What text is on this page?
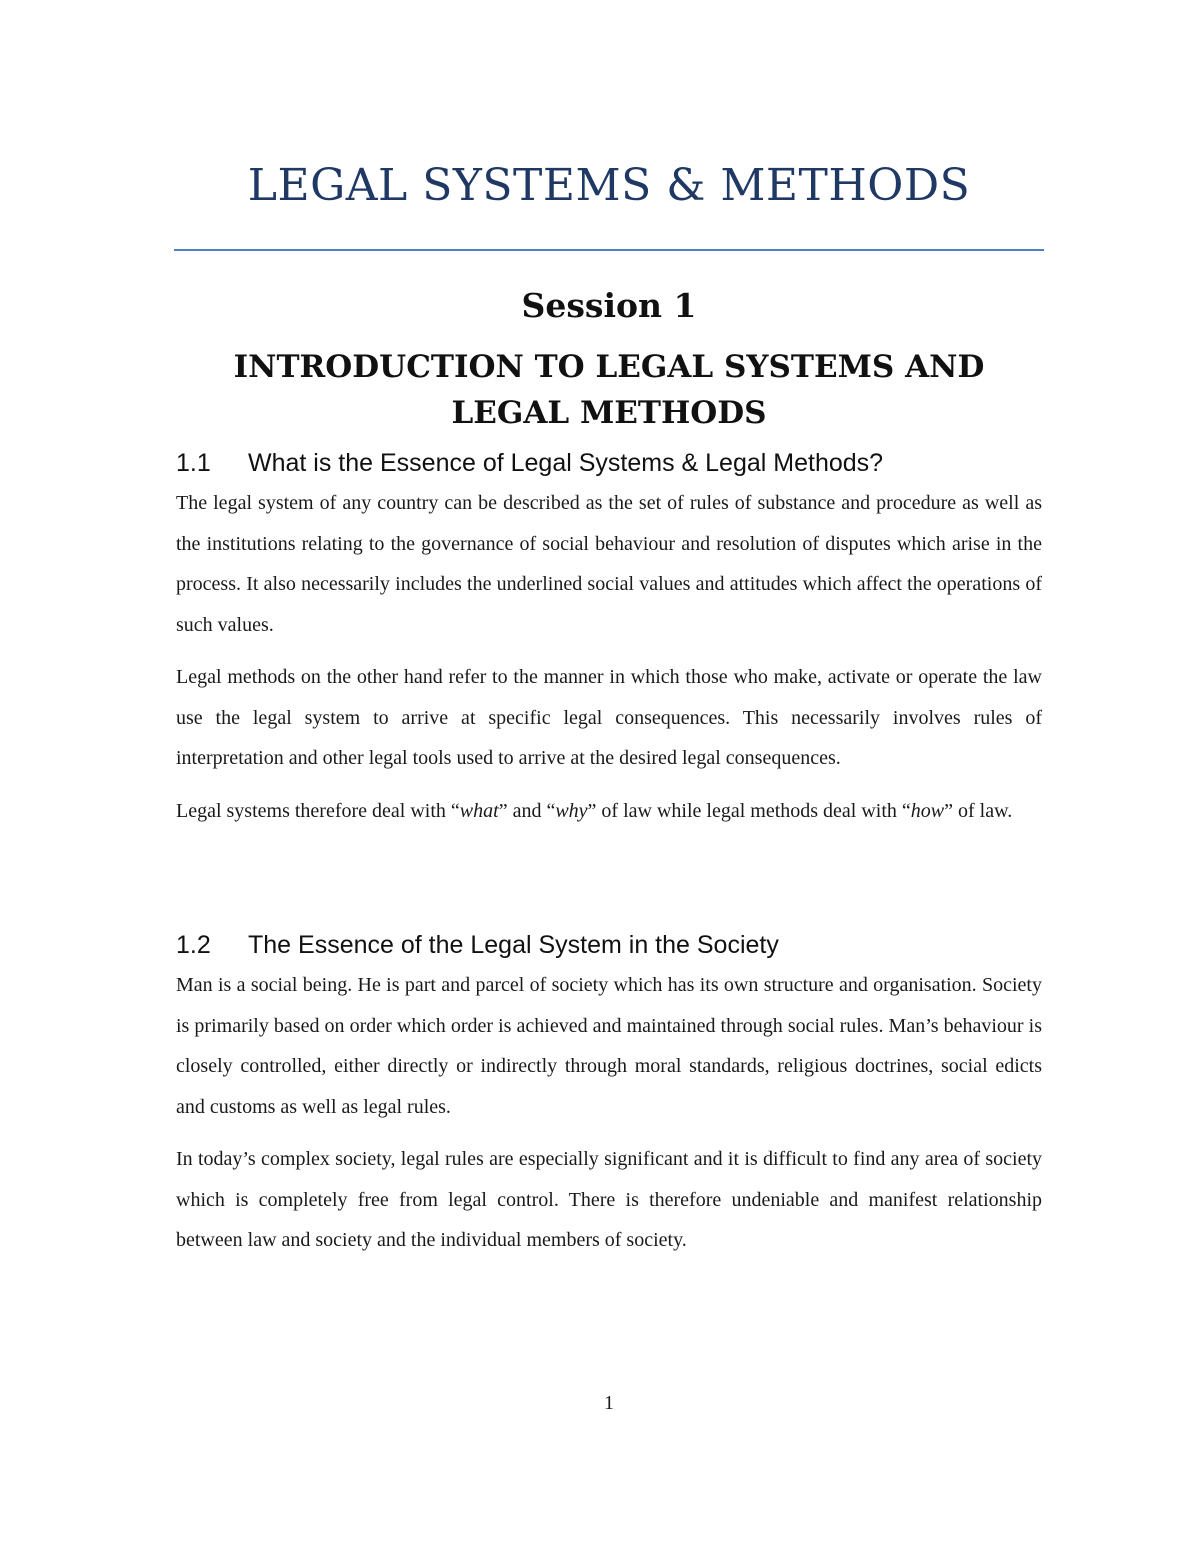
LEGAL SYSTEMS & METHODS
Session 1
INTRODUCTION TO LEGAL SYSTEMS AND LEGAL METHODS
1.1 What is the Essence of Legal Systems & Legal Methods?

The legal system of any country can be described as the set of rules of substance and procedure as well as the institutions relating to the governance of social behaviour and resolution of disputes which arise in the process. It also necessarily includes the underlined social values and attitudes which affect the operations of such values.

Legal methods on the other hand refer to the manner in which those who make, activate or operate the law use the legal system to arrive at specific legal consequences. This necessarily involves rules of interpretation and other legal tools used to arrive at the desired legal consequences.

Legal systems therefore deal with “what” and “why” of law while legal methods deal with “how” of law.

1.2 The Essence of the Legal System in the Society

Man is a social being. He is part and parcel of society which has its own structure and organisation. Society is primarily based on order which order is achieved and maintained through social rules. Man’s behaviour is closely controlled, either directly or indirectly through moral standards, religious doctrines, social edicts and customs as well as legal rules.

In today’s complex society, legal rules are especially significant and it is difficult to find any area of society which is completely free from legal control. There is therefore undeniable and manifest relationship between law and society and the individual members of society.

1
